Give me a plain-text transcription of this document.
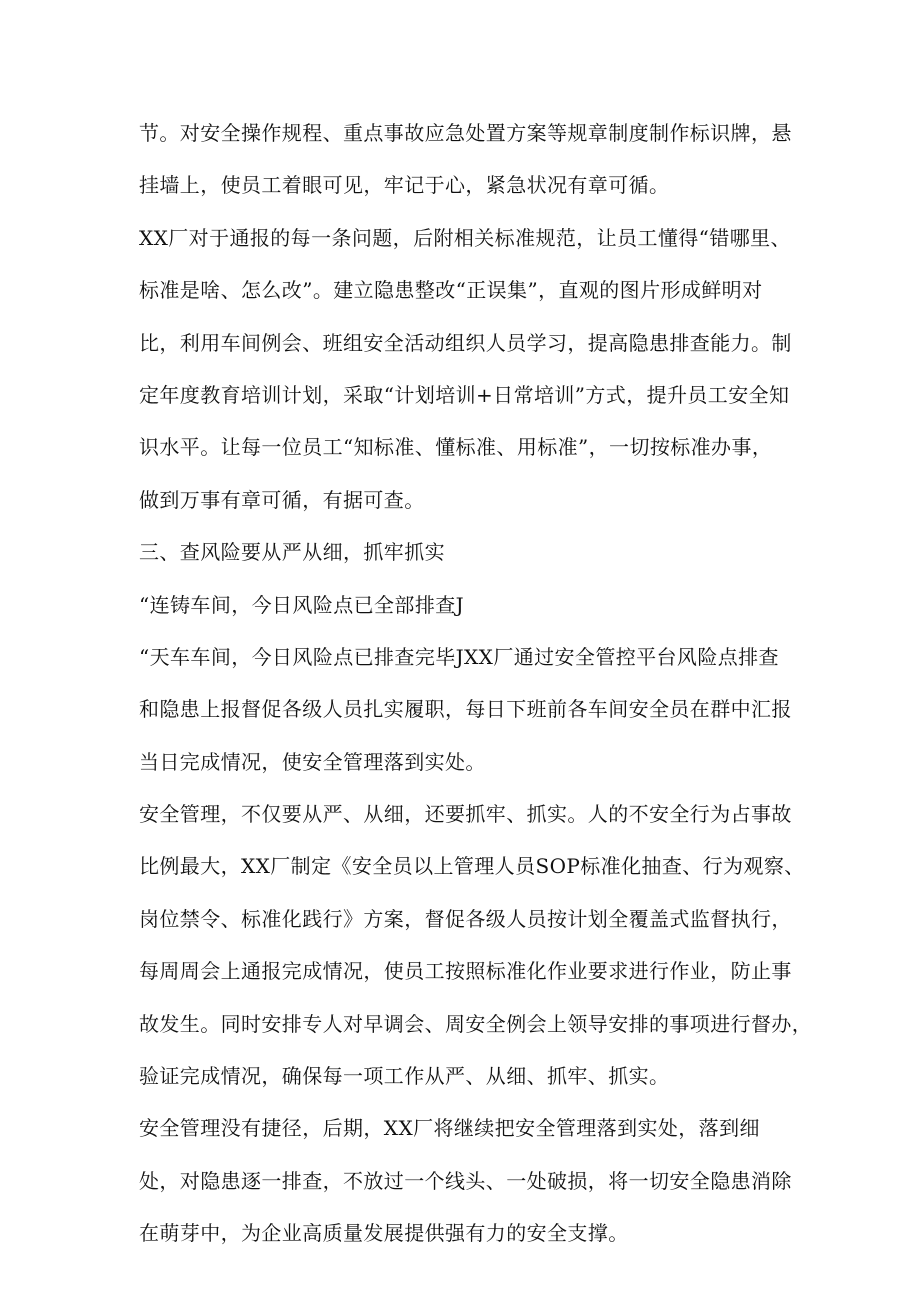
节。对安全操作规程、重点事故应急处置方案等规章制度制作标识牌，悬
挂墙上，使员工着眼可见，牢记于心，紧急状况有章可循。
XX厂对于通报的每一条问题，后附相关标准规范，让员工懂得“错哪里、
标准是啥、怎么改”。建立隐患整改“正误集”，直观的图片形成鲜明对
比，利用车间例会、班组安全活动组织人员学习，提高隐患排查能力。制
定年度教育培训计划，采取“计划培训+日常培训”方式，提升员工安全知
识水平。让每一位员工“知标准、懂标准、用标准”，一切按标准办事，
做到万事有章可循，有据可查。
三、查风险要从严从细，抓牢抓实
“连铸车间，今日风险点已全部排查J
“天车车间，今日风险点已排查完毕JXX厂通过安全管控平台风险点排查
和隐患上报督促各级人员扎实履职，每日下班前各车间安全员在群中汇报
当日完成情况，使安全管理落到实处。
安全管理，不仅要从严、从细，还要抓牢、抓实。人的不安全行为占事故
比例最大，XX厂制定《安全员以上管理人员SOP标准化抽查、行为观察、
岗位禁令、标准化践行》方案，督促各级人员按计划全覆盖式监督执行，
每周周会上通报完成情况，使员工按照标准化作业要求进行作业，防止事
故发生。同时安排专人对早调会、周安全例会上领导安排的事项进行督办，
验证完成情况，确保每一项工作从严、从细、抓牢、抓实。
安全管理没有捷径，后期，XX厂将继续把安全管理落到实处，落到细
处，对隐患逐一排查，不放过一个线头、一处破损，将一切安全隐患消除
在萌芽中，为企业高质量发展提供强有力的安全支撑。
